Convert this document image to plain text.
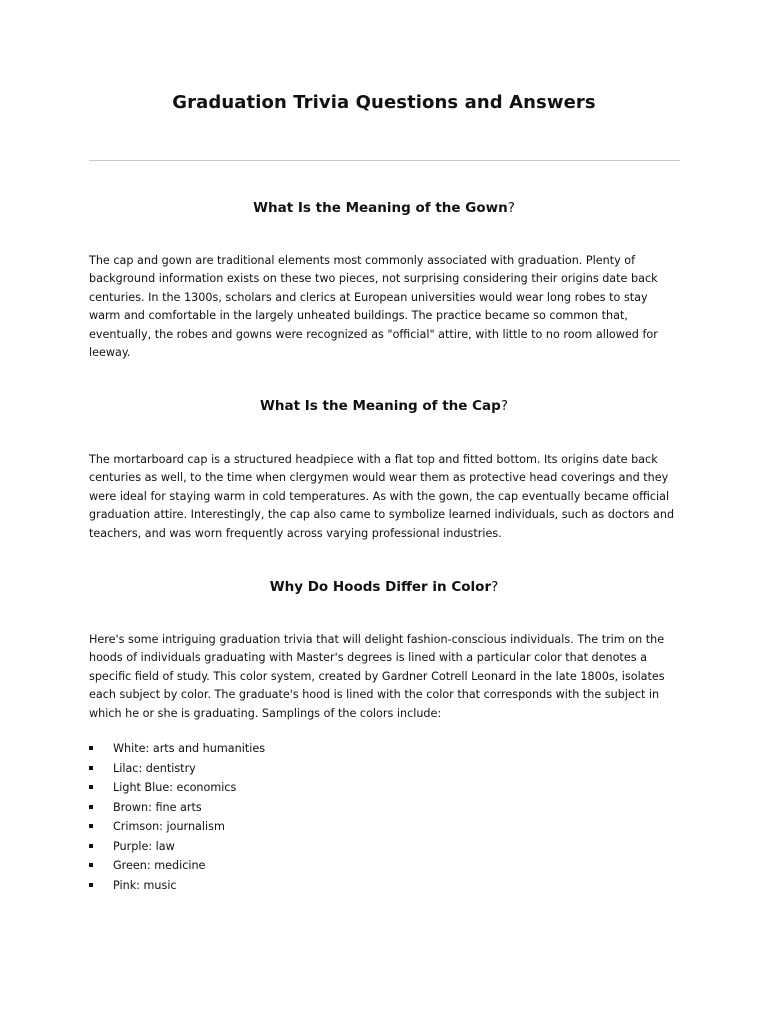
Graduation Trivia Questions and Answers
What Is the Meaning of the Gown?

The cap and gown are traditional elements most commonly associated with graduation. Plenty of background information exists on these two pieces, not surprising considering their origins date back centuries. In the 1300s, scholars and clerics at European universities would wear long robes to stay warm and comfortable in the largely unheated buildings. The practice became so common that, eventually, the robes and gowns were recognized as "official" attire, with little to no room allowed for leeway.

What Is the Meaning of the Cap?

The mortarboard cap is a structured headpiece with a flat top and fitted bottom. Its origins date back centuries as well, to the time when clergymen would wear them as protective head coverings and they were ideal for staying warm in cold temperatures. As with the gown, the cap eventually became official graduation attire. Interestingly, the cap also came to symbolize learned individuals, such as doctors and teachers, and was worn frequently across varying professional industries.

Why Do Hoods Differ in Color?

Here's some intriguing graduation trivia that will delight fashion-conscious individuals. The trim on the hoods of individuals graduating with Master's degrees is lined with a particular color that denotes a specific field of study. This color system, created by Gardner Cotrell Leonard in the late 1800s, isolates each subject by color. The graduate's hood is lined with the color that corresponds with the subject in which he or she is graduating. Samplings of the colors include:

White: arts and humanities
Lilac: dentistry
Light Blue: economics
Brown: fine arts
Crimson: journalism
Purple: law
Green: medicine
Pink: music
